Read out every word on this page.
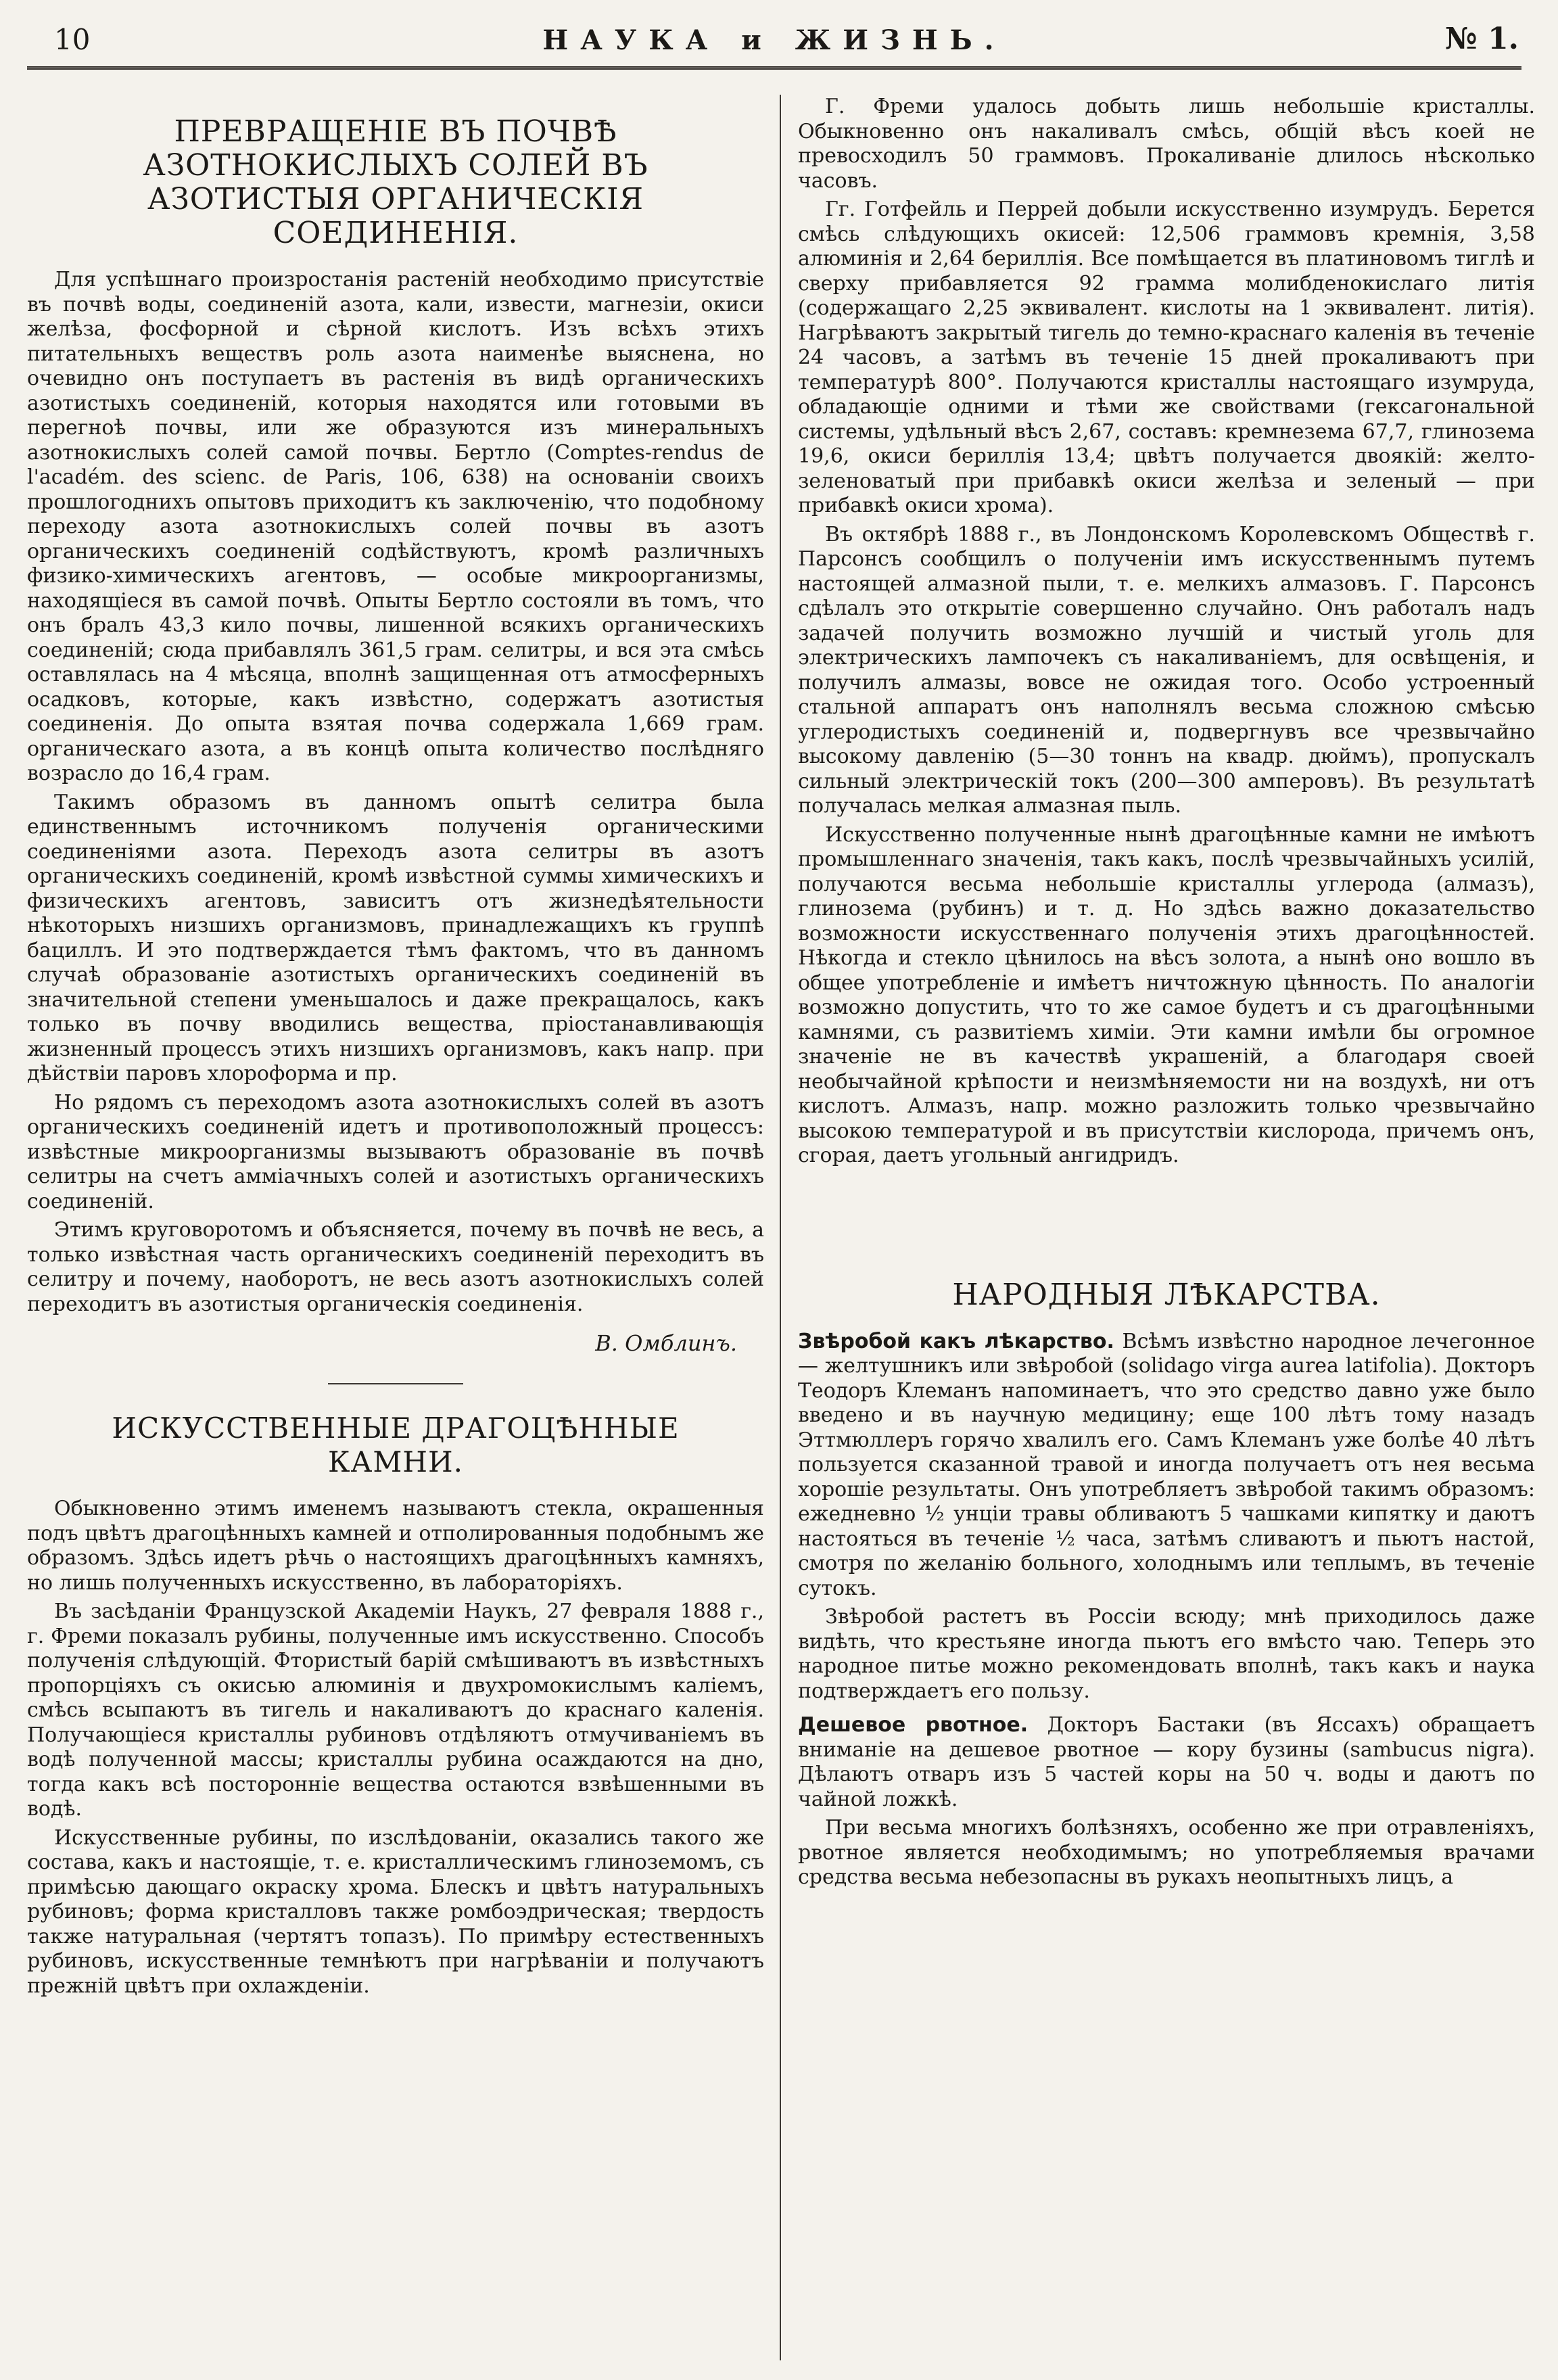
10	НАУКА и ЖИЗНЬ.	№ 1.
ПРЕВРАЩЕНІЕ ВЪ ПОЧВѢ АЗОТНОКИСЛЫХЪ СОЛЕЙ ВЪ АЗОТИСТЫЯ ОРГАНИЧЕСКІЯ СОЕДИНЕНІЯ.

Для успѣшнаго произростанія растеній необходимо присутствіе въ почвѣ воды, соединеній азота, кали, извести, магнезіи, окиси желѣза, фосфорной и сѣрной кислотъ. Изъ всѣхъ этихъ питательныхъ веществъ роль азота наименѣе выяснена, но очевидно онъ поступаетъ въ растенія въ видѣ органическихъ азотистыхъ соединеній, которыя находятся или готовыми въ перегноѣ почвы, или же образуются изъ минеральныхъ азотнокислыхъ солей самой почвы. Бертло (Comptes-rendus de l'académ. des scienc. de Paris, 106, 638) на основаніи своихъ прошлогоднихъ опытовъ приходитъ къ заключенію, что подобному переходу азота азотнокислыхъ солей почвы въ азотъ органическихъ соединеній содѣйствуютъ, кромѣ различныхъ физико-химическихъ агентовъ, — особые микроорганизмы, находящіеся въ самой почвѣ. Опыты Бертло состояли въ томъ, что онъ бралъ 43,3 кило почвы, лишенной всякихъ органическихъ соединеній; сюда прибавлялъ 361,5 грам. селитры, и вся эта смѣсь оставлялась на 4 мѣсяца, вполнѣ защищенная отъ атмосферныхъ осадковъ, которые, какъ извѣстно, содержатъ азотистыя соединенія. До опыта взятая почва содержала 1,669 грам. органическаго азота, а въ концѣ опыта количество послѣдняго возрасло до 16,4 грам.

Такимъ образомъ въ данномъ опытѣ селитра была единственнымъ источникомъ полученія органическими соединеніями азота. Переходъ азота селитры въ азотъ органическихъ соединеній, кромѣ извѣстной суммы химическихъ и физическихъ агентовъ, зависитъ отъ жизнедѣятельности нѣкоторыхъ низшихъ организмовъ, принадлежащихъ къ группѣ бациллъ. И это подтверждается тѣмъ фактомъ, что въ данномъ случаѣ образованіе азотистыхъ органическихъ соединеній въ значительной степени уменьшалось и даже прекращалось, какъ только въ почву вводились вещества, пріостанавливающія жизненный процессъ этихъ низшихъ организмовъ, какъ напр. при дѣйствіи паровъ хлороформа и пр.

Но рядомъ съ переходомъ азота азотнокислыхъ солей въ азотъ органическихъ соединеній идетъ и противоположный процессъ: извѣстные микроорганизмы вызываютъ образованіе въ почвѣ селитры на счетъ амміачныхъ солей и азотистыхъ органическихъ соединеній.

Этимъ круговоротомъ и объясняется, почему въ почвѣ не весь, а только извѣстная часть органическихъ соединеній переходитъ въ селитру и почему, наоборотъ, не весь азотъ азотнокислыхъ солей переходитъ въ азотистыя органическія соединенія.

В. Омблинъ.
ИСКУССТВЕННЫЕ ДРАГОЦѢННЫЕ КАМНИ.

Обыкновенно этимъ именемъ называютъ стекла, окрашенныя подъ цвѣтъ драгоцѣнныхъ камней и отполированныя подобнымъ же образомъ. Здѣсь идетъ рѣчь о настоящихъ драгоцѣнныхъ камняхъ, но лишь полученныхъ искусственно, въ лабораторіяхъ.

Въ засѣданіи Французской Академіи Наукъ, 27 февраля 1888 г., г. Фреми показалъ рубины, полученные имъ искусственно. Способъ полученія слѣдующій. Фтористый барій смѣшиваютъ въ извѣстныхъ пропорціяхъ съ окисью алюминія и двухромокислымъ каліемъ, смѣсь всыпаютъ въ тигель и накаливаютъ до краснаго каленія. Получающіеся кристаллы рубиновъ отдѣляютъ отмучиваніемъ въ водѣ полученной массы; кристаллы рубина осаждаются на дно, тогда какъ всѣ посторонніе вещества остаются взвѣшенными въ водѣ.

Искусственные рубины, по изслѣдованіи, оказались такого же состава, какъ и настоящіе, т. е. кристаллическимъ глиноземомъ, съ примѣсью дающаго окраску хрома. Блескъ и цвѣтъ натуральныхъ рубиновъ; форма кристалловъ также ромбоэдрическая; твердость также натуральная (чертятъ топазъ). По примѣру естественныхъ рубиновъ, искусственные темнѣютъ при нагрѣваніи и получаютъ прежній цвѣтъ при охлажденіи.

Г. Фреми удалось добыть лишь небольшіе кристаллы. Обыкновенно онъ накаливалъ смѣсь, общій вѣсъ коей не превосходилъ 50 граммовъ. Прокаливаніе длилось нѣсколько часовъ.

Гг. Готфейль и Перрей добыли искусственно изумрудъ. Берется смѣсь слѣдующихъ окисей: 12,506 граммовъ кремнія, 3,58 алюминія и 2,64 бериллія. Все помѣщается въ платиновомъ тиглѣ и сверху прибавляется 92 грамма молибденокислаго литія (содержащаго 2,25 эквивалент. кислоты на 1 эквивалент. литія). Нагрѣваютъ закрытый тигель до темно-краснаго каленія въ теченіе 24 часовъ, а затѣмъ въ теченіе 15 дней прокаливаютъ при температурѣ 800°. Получаются кристаллы настоящаго изумруда, обладающіе одними и тѣми же свойствами (гексагональной системы, удѣльный вѣсъ 2,67, составъ: кремнезема 67,7, глинозема 19,6, окиси бериллія 13,4; цвѣтъ получается двоякій: желто-зеленоватый при прибавкѣ окиси желѣза и зеленый — при прибавкѣ окиси хрома).

Въ октябрѣ 1888 г., въ Лондонскомъ Королевскомъ Обществѣ г. Парсонсъ сообщилъ о полученіи имъ искусственнымъ путемъ настоящей алмазной пыли, т. е. мелкихъ алмазовъ. Г. Парсонсъ сдѣлалъ это открытіе совершенно случайно. Онъ работалъ надъ задачей получить возможно лучшій и чистый уголь для электрическихъ лампочекъ съ накаливаніемъ, для освѣщенія, и получилъ алмазы, вовсе не ожидая того. Особо устроенный стальной аппаратъ онъ наполнялъ весьма сложною смѣсью углеродистыхъ соединеній и, подвергнувъ все чрезвычайно высокому давленію (5—30 тоннъ на квадр. дюймъ), пропускалъ сильный электрическій токъ (200—300 амперовъ). Въ результатѣ получалась мелкая алмазная пыль.

Искусственно полученные нынѣ драгоцѣнные камни не имѣютъ промышленнаго значенія, такъ какъ, послѣ чрезвычайныхъ усилій, получаются весьма небольшіе кристаллы углерода (алмазъ), глинозема (рубинъ) и т. д. Но здѣсь важно доказательство возможности искусственнаго полученія этихъ драгоцѣнностей. Нѣкогда и стекло цѣнилось на вѣсъ золота, а нынѣ оно вошло въ общее употребленіе и имѣетъ ничтожную цѣнность. По аналогіи возможно допустить, что то же самое будетъ и съ драгоцѣнными камнями, съ развитіемъ химіи. Эти камни имѣли бы огромное значеніе не въ качествѣ украшеній, а благодаря своей необычайной крѣпости и неизмѣняемости ни на воздухѣ, ни отъ кислотъ. Алмазъ, напр. можно разложить только чрезвычайно высокою температурой и въ присутствіи кислорода, причемъ онъ, сгорая, даетъ угольный ангидридъ.

НАРОДНЫЯ ЛѢКАРСТВА.

Звѣробой какъ лѣкарство. Всѣмъ извѣстно народное лечегонное — желтушникъ или звѣробой (solidago virga aurea latifolia). Докторъ Теодоръ Клеманъ напоминаетъ, что это средство давно уже было введено и въ научную медицину; еще 100 лѣтъ тому назадъ Эттмюллеръ горячо хвалилъ его. Самъ Клеманъ уже болѣе 40 лѣтъ пользуется сказанной травой и иногда получаетъ отъ нея весьма хорошіе результаты. Онъ употребляетъ звѣробой такимъ образомъ: ежедневно ½ унціи травы обливаютъ 5 чашками кипятку и даютъ настояться въ теченіе ½ часа, затѣмъ сливаютъ и пьютъ настой, смотря по желанію больного, холоднымъ или теплымъ, въ теченіе сутокъ.

Звѣробой растетъ въ Россіи всюду; мнѣ приходилось даже видѣть, что крестьяне иногда пьютъ его вмѣсто чаю. Теперь это народное питье можно рекомендовать вполнѣ, такъ какъ и наука подтверждаетъ его пользу.

Дешевое рвотное. Докторъ Бастаки (въ Яссахъ) обращаетъ вниманіе на дешевое рвотное — кору бузины (sambucus nigra). Дѣлаютъ отваръ изъ 5 частей коры на 50 ч. воды и даютъ по чайной ложкѣ.

При весьма многихъ болѣзняхъ, особенно же при отравленіяхъ, рвотное является необходимымъ; но употребляемыя врачами средства весьма небезопасны въ рукахъ неопытныхъ лицъ, а
